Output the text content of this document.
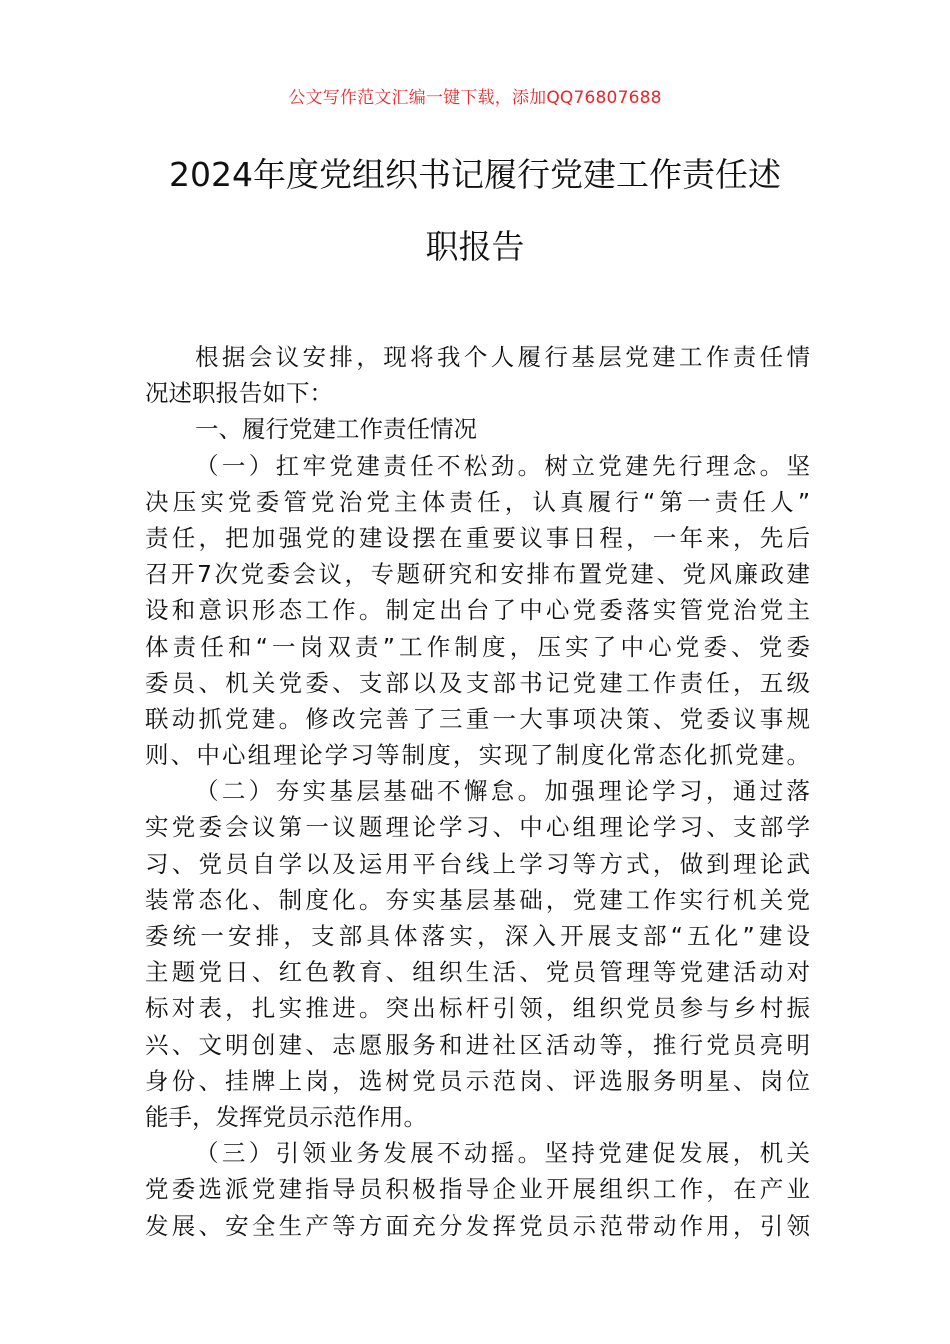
公文写作范文汇编一键下载，添加QQ76807688
2024年度党组织书记履行党建工作责任述
职报告
根据会议安排，现将我个人履行基层党建工作责任情
况述职报告如下：
一、履行党建工作责任情况
（一）扛牢党建责任不松劲。树立党建先行理念。坚
决压实党委管党治党主体责任，认真履行“第一责任人”
责任，把加强党的建设摆在重要议事日程，一年来，先后
召开7次党委会议，专题研究和安排布置党建、党风廉政建
设和意识形态工作。制定出台了中心党委落实管党治党主
体责任和“一岗双责”工作制度，压实了中心党委、党委
委员、机关党委、支部以及支部书记党建工作责任，五级
联动抓党建。修改完善了三重一大事项决策、党委议事规
则、中心组理论学习等制度，实现了制度化常态化抓党建。
（二）夯实基层基础不懈怠。加强理论学习，通过落
实党委会议第一议题理论学习、中心组理论学习、支部学
习、党员自学以及运用平台线上学习等方式，做到理论武
装常态化、制度化。夯实基层基础，党建工作实行机关党
委统一安排，支部具体落实，深入开展支部“五化”建设
主题党日、红色教育、组织生活、党员管理等党建活动对
标对表，扎实推进。突出标杆引领，组织党员参与乡村振
兴、文明创建、志愿服务和进社区活动等，推行党员亮明
身份、挂牌上岗，选树党员示范岗、评选服务明星、岗位
能手，发挥党员示范作用。
（三）引领业务发展不动摇。坚持党建促发展，机关
党委选派党建指导员积极指导企业开展组织工作，在产业
发展、安全生产等方面充分发挥党员示范带动作用，引领
